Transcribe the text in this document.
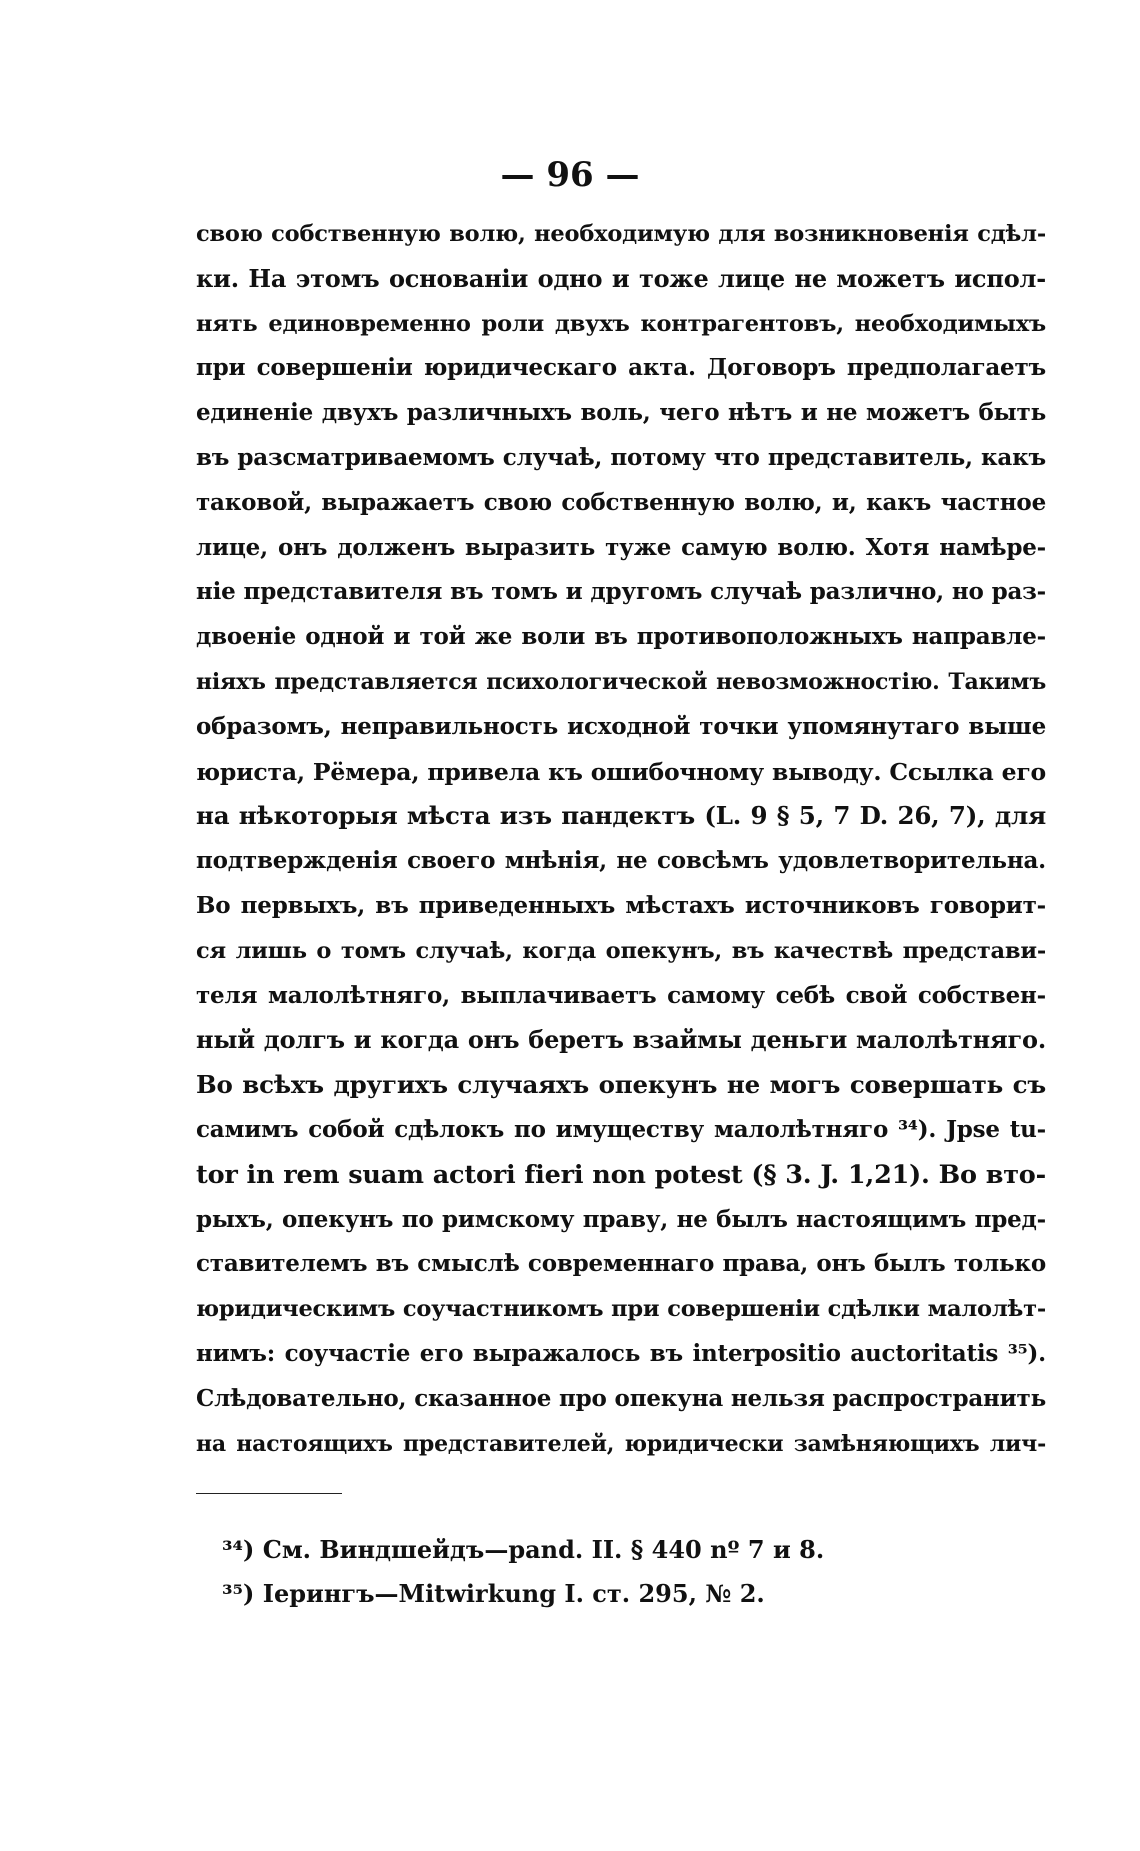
— 96 —
свою собственную волю, необходимую для возникновенія сдѣл-
ки. На этомъ основаніи одно и тоже лице не можетъ испол-
нять единовременно роли двухъ контрагентовъ, необходимыхъ
при совершеніи юридическаго акта. Договоръ предполагаетъ
единеніе двухъ различныхъ воль, чего нѣтъ и не можетъ быть
въ разсматриваемомъ случаѣ, потому что представитель, какъ
таковой, выражаетъ свою собственную волю, и, какъ частное
лице, онъ долженъ выразить туже самую волю. Хотя намѣре-
ніе представителя въ томъ и другомъ случаѣ различно, но раз-
двоеніе одной и той же воли въ противоположныхъ направле-
ніяхъ представляется психологической невозможностію. Такимъ
образомъ, неправильность исходной точки упомянутаго выше
юриста, Рёмера, привела къ ошибочному выводу. Ссылка его
на нѣкоторыя мѣста изъ пандектъ (L. 9 § 5, 7 D. 26, 7), для
подтвержденія своего мнѣнія, не совсѣмъ удовлетворительна.
Во первыхъ, въ приведенныхъ мѣстахъ источниковъ говорит-
ся лишь о томъ случаѣ, когда опекунъ, въ качествѣ представи-
теля малолѣтняго, выплачиваетъ самому себѣ свой собствен-
ный долгъ и когда онъ беретъ взаймы деньги малолѣтняго.
Во всѣхъ другихъ случаяхъ опекунъ не могъ совершать съ
самимъ собой сдѣлокъ по имуществу малолѣтняго ³⁴). Jpse tu-
tor in rem suam actori fieri non potest (§ 3. J. 1,21). Во вто-
рыхъ, опекунъ по римскому праву, не былъ настоящимъ пред-
ставителемъ въ смыслѣ современнаго права, онъ былъ только
юридическимъ соучастникомъ при совершеніи сдѣлки малолѣт-
нимъ: соучастіе его выражалось въ interpositio auctoritatis ³⁵).
Слѣдовательно, сказанное про опекуна нельзя распространить
на настоящихъ представителей, юридически замѣняющихъ лич-
³⁴) См. Виндшейдъ—pand. II. § 440 nº 7 и 8.
³⁵) Іерингъ—Mitwirkung I. ст. 295, № 2.
